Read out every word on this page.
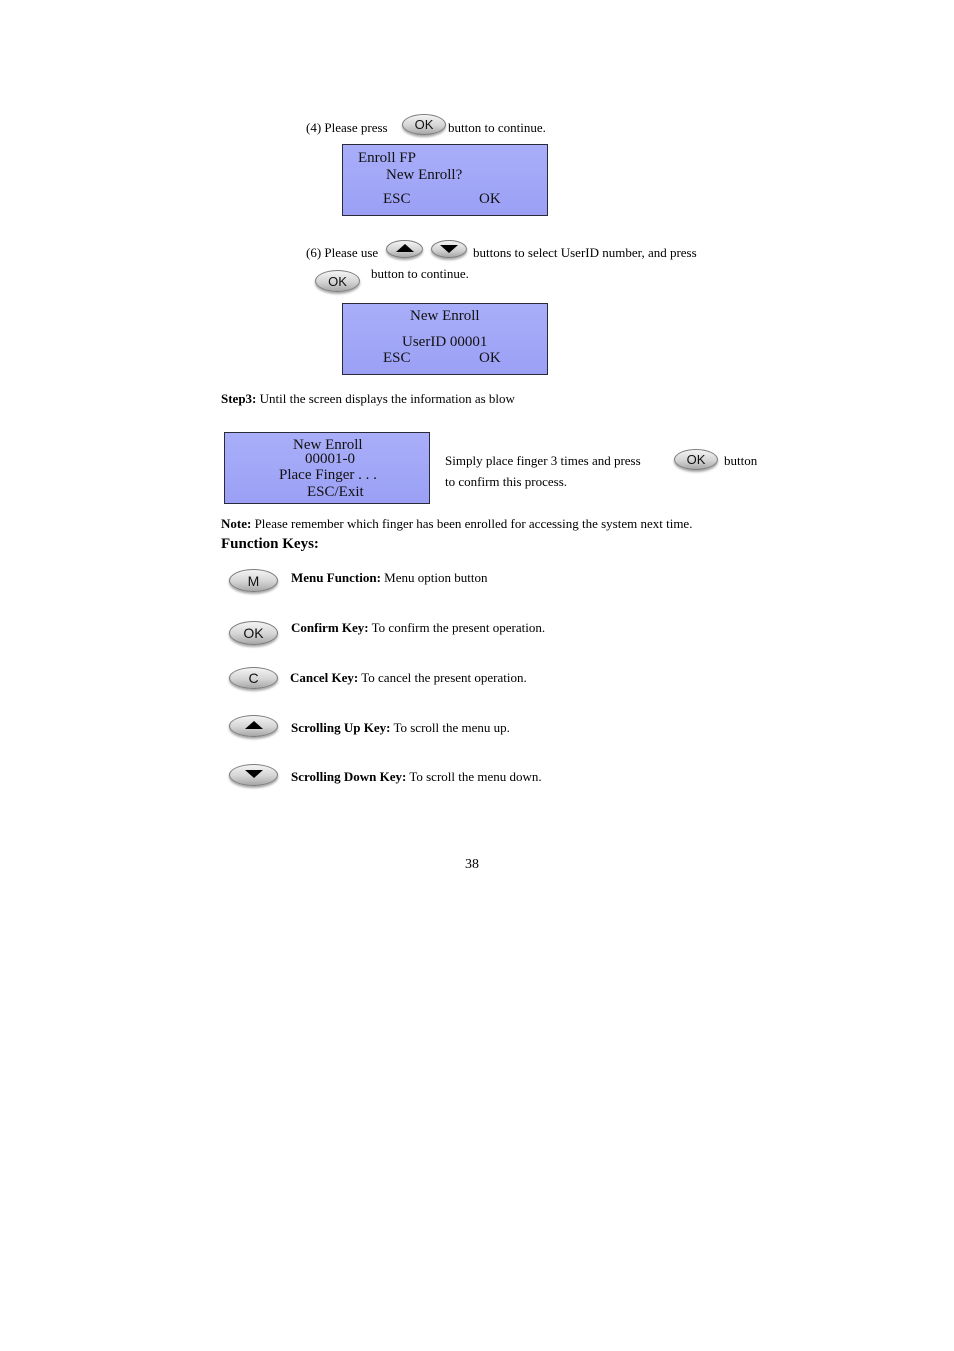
(4) Please press OK button to continue.
Enroll FP
New Enroll?
ESC	OK
(6) Please use	buttons to select UserID number, and press
OK button to continue.
New Enroll
UserID 00001
ESC	OK
Step3: Until the screen displays the information as blow
New Enroll
00001-0
Place Finger . . .
ESC/Exit
Simply place finger 3 times and press	OK button
to confirm this process.
Note: Please remember which finger has been enrolled for accessing the system next time.
Function Keys:
M Menu Function: Menu option button
OK Confirm Key: To confirm the present operation.
C Cancel Key: To cancel the present operation.
Scrolling Up Key: To scroll the menu up.
Scrolling Down Key: To scroll the menu down.
38
